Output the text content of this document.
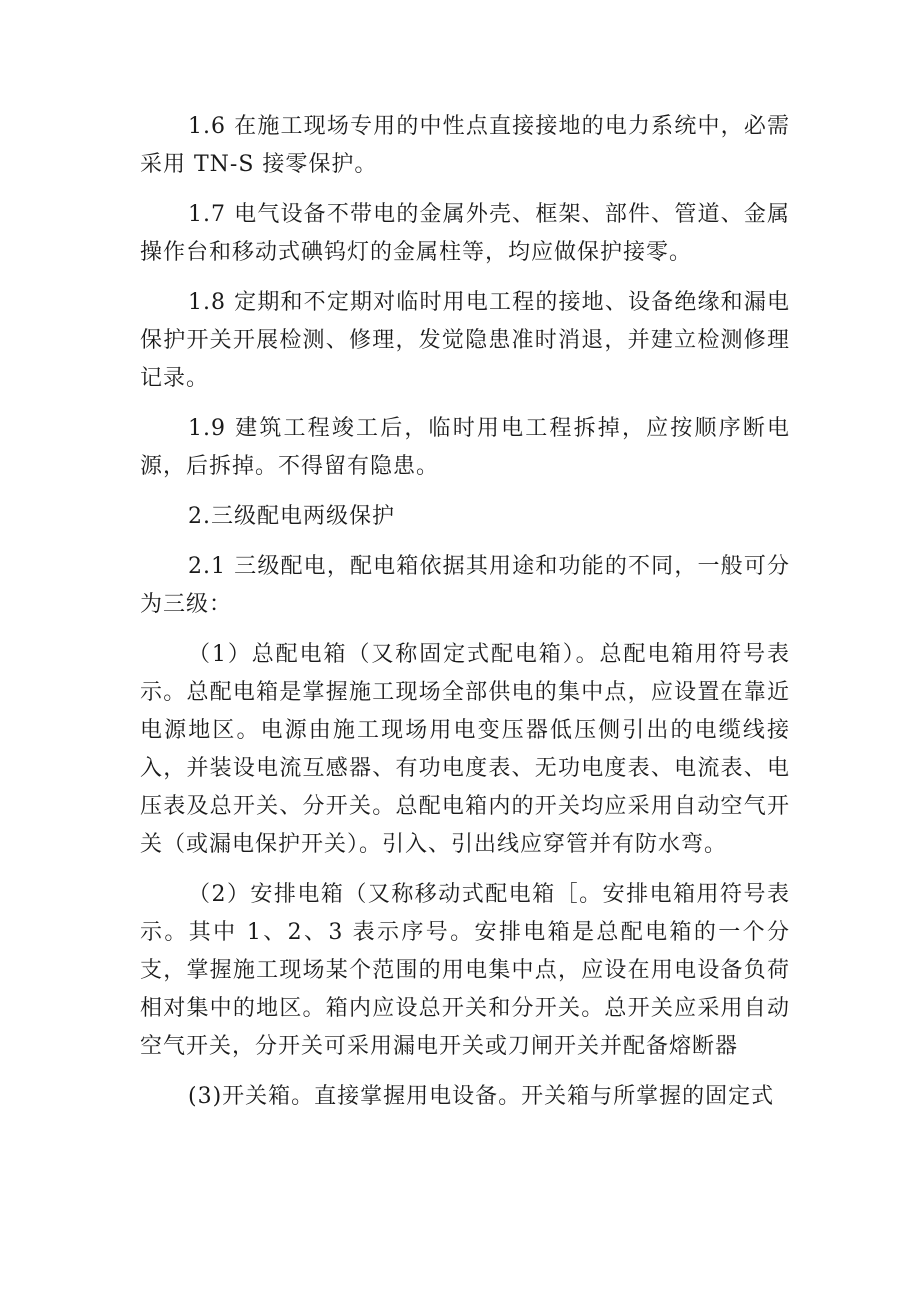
1.6 在施工现场专用的中性点直接接地的电力系统中，必需采用 TN-S 接零保护。

1.7 电气设备不带电的金属外壳、框架、部件、管道、金属操作台和移动式碘钨灯的金属柱等，均应做保护接零。

1.8 定期和不定期对临时用电工程的接地、设备绝缘和漏电保护开关开展检测、修理，发觉隐患准时消退，并建立检测修理记录。

1.9 建筑工程竣工后，临时用电工程拆掉，应按顺序断电源，后拆掉。不得留有隐患。

2.三级配电两级保护

2.1 三级配电，配电箱依据其用途和功能的不同，一般可分为三级：

（1）总配电箱（又称固定式配电箱）。总配电箱用符号表示。总配电箱是掌握施工现场全部供电的集中点，应设置在靠近电源地区。电源由施工现场用电变压器低压侧引出的电缆线接入，并装设电流互感器、有功电度表、无功电度表、电流表、电压表及总开关、分开关。总配电箱内的开关均应采用自动空气开关（或漏电保护开关）。引入、引出线应穿管并有防水弯。

（2）安排电箱（又称移动式配电箱［。安排电箱用符号表示。其中 1、2、3 表示序号。安排电箱是总配电箱的一个分支，掌握施工现场某个范围的用电集中点，应设在用电设备负荷相对集中的地区。箱内应设总开关和分开关。总开关应采用自动空气开关，分开关可采用漏电开关或刀闸开关并配备熔断器

(3)开关箱。直接掌握用电设备。开关箱与所掌握的固定式
